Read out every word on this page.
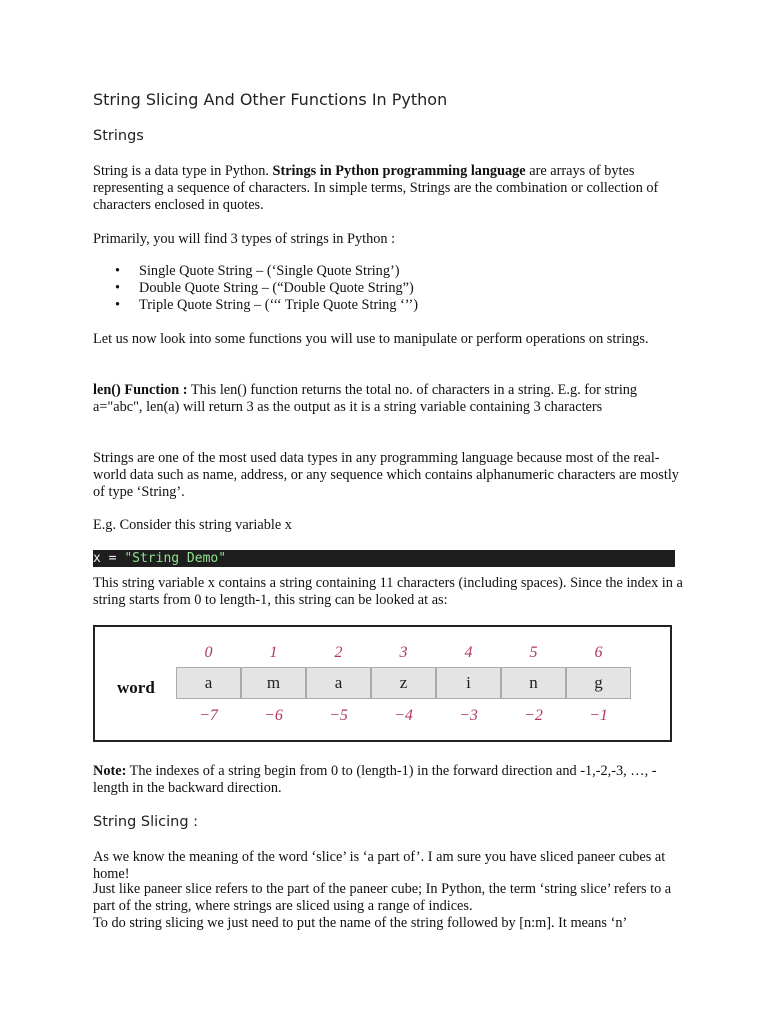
String Slicing And Other Functions In Python
Strings

String is a data type in Python. Strings in Python programming language are arrays of bytes representing a sequence of characters. In simple terms, Strings are the combination or collection of characters enclosed in quotes.

Primarily, you will find 3 types of strings in Python :

• Single Quote String – (‘Single Quote String’)
• Double Quote String – (“Double Quote String”)
• Triple Quote String – (‘‘‘ Triple Quote String ‘’’)

Let us now look into some functions you will use to manipulate or perform operations on strings.

len() Function : This len() function returns the total no. of characters in a string. E.g. for string a="abc", len(a) will return 3 as the output as it is a string variable containing 3 characters

Strings are one of the most used data types in any programming language because most of the real-world data such as name, address, or any sequence which contains alphanumeric characters are mostly of type ‘String’.

E.g. Consider this string variable x

x = "String Demo"

This string variable x contains a string containing 11 characters (including spaces). Since the index in a string starts from 0 to length-1, this string can be looked at as:

word
0	1	2	3	4	5	6
a	m	a	z	i	n	g
−7	−6	−5	−4	−3	−2	−1

Note: The indexes of a string begin from 0 to (length-1) in the forward direction and -1,-2,-3, …, -length in the backward direction.

String Slicing :

As we know the meaning of the word ‘slice’ is ‘a part of’. I am sure you have sliced paneer cubes at home!

Just like paneer slice refers to the part of the paneer cube; In Python, the term ‘string slice’ refers to a part of the string, where strings are sliced using a range of indices.

To do string slicing we just need to put the name of the string followed by [n:m]. It means ‘n’
